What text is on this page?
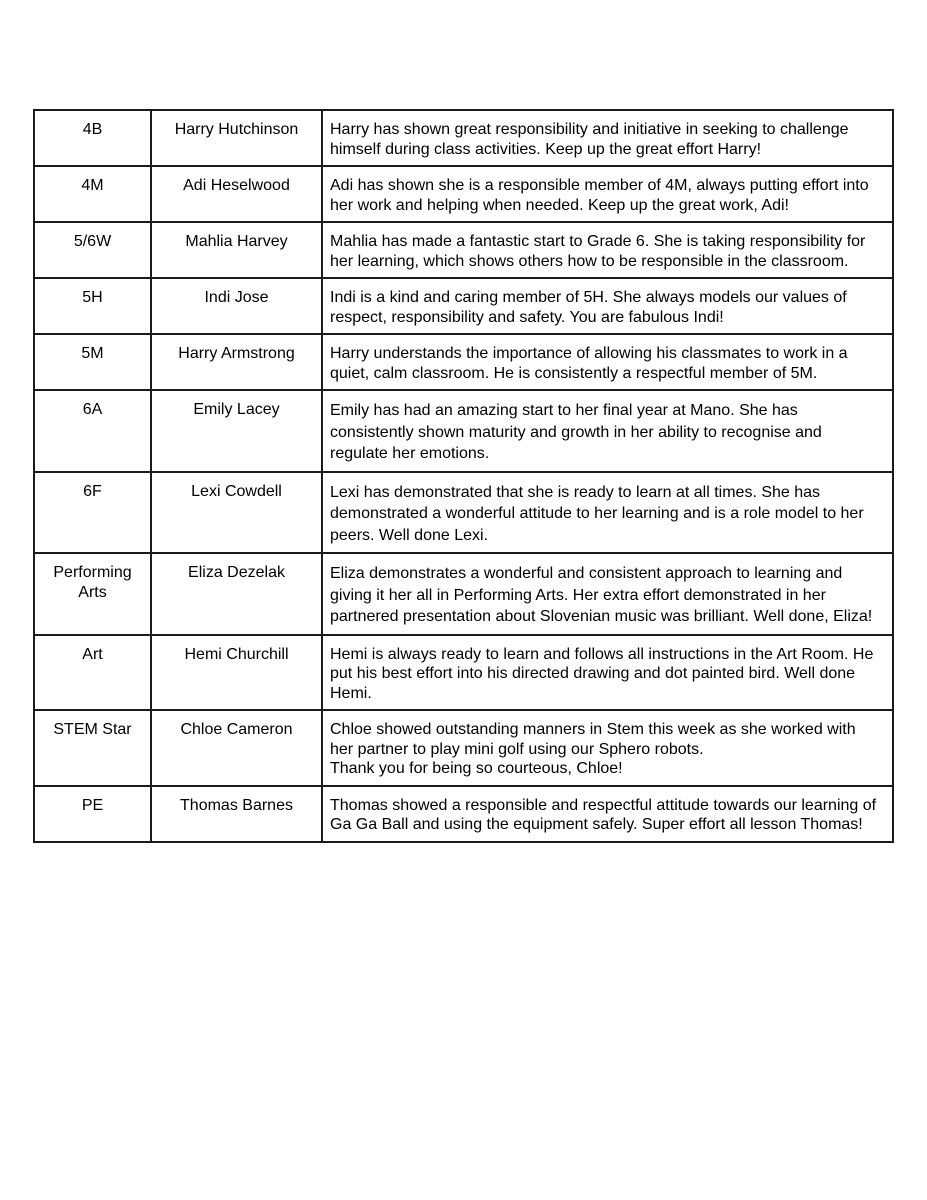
4B	Harry Hutchinson	Harry has shown great responsibility and initiative in seeking to challenge
himself during class activities. Keep up the great effort Harry!

4M	Adi Heselwood	Adi has shown she is a responsible member of 4M, always putting effort into
her work and helping when needed. Keep up the great work, Adi!

5/6W	Mahlia Harvey	Mahlia has made a fantastic start to Grade 6. She is taking responsibility for
her learning, which shows others how to be responsible in the classroom.

5H	Indi Jose	Indi is a kind and caring member of 5H. She always models our values of
respect, responsibility and safety. You are fabulous Indi!

5M	Harry Armstrong	Harry understands the importance of allowing his classmates to work in a
quiet, calm classroom. He is consistently a respectful member of 5M.

6A	Emily Lacey	Emily has had an amazing start to her final year at Mano. She has
consistently shown maturity and growth in her ability to recognise and
regulate her emotions.

6F	Lexi Cowdell	Lexi has demonstrated that she is ready to learn at all times. She has
demonstrated a wonderful attitude to her learning and is a role model to her
peers. Well done Lexi.

Performing
Arts	Eliza Dezelak	Eliza demonstrates a wonderful and consistent approach to learning and
giving it her all in Performing Arts. Her extra effort demonstrated in her
partnered presentation about Slovenian music was brilliant. Well done, Eliza!

Art	Hemi Churchill	Hemi is always ready to learn and follows all instructions in the Art Room. He
put his best effort into his directed drawing and dot painted bird. Well done
Hemi.

STEM Star	Chloe Cameron	Chloe showed outstanding manners in Stem this week as she worked with
her partner to play mini golf using our Sphero robots.
Thank you for being so courteous, Chloe!

PE	Thomas Barnes	Thomas showed a responsible and respectful attitude towards our learning of
Ga Ga Ball and using the equipment safely. Super effort all lesson Thomas!
